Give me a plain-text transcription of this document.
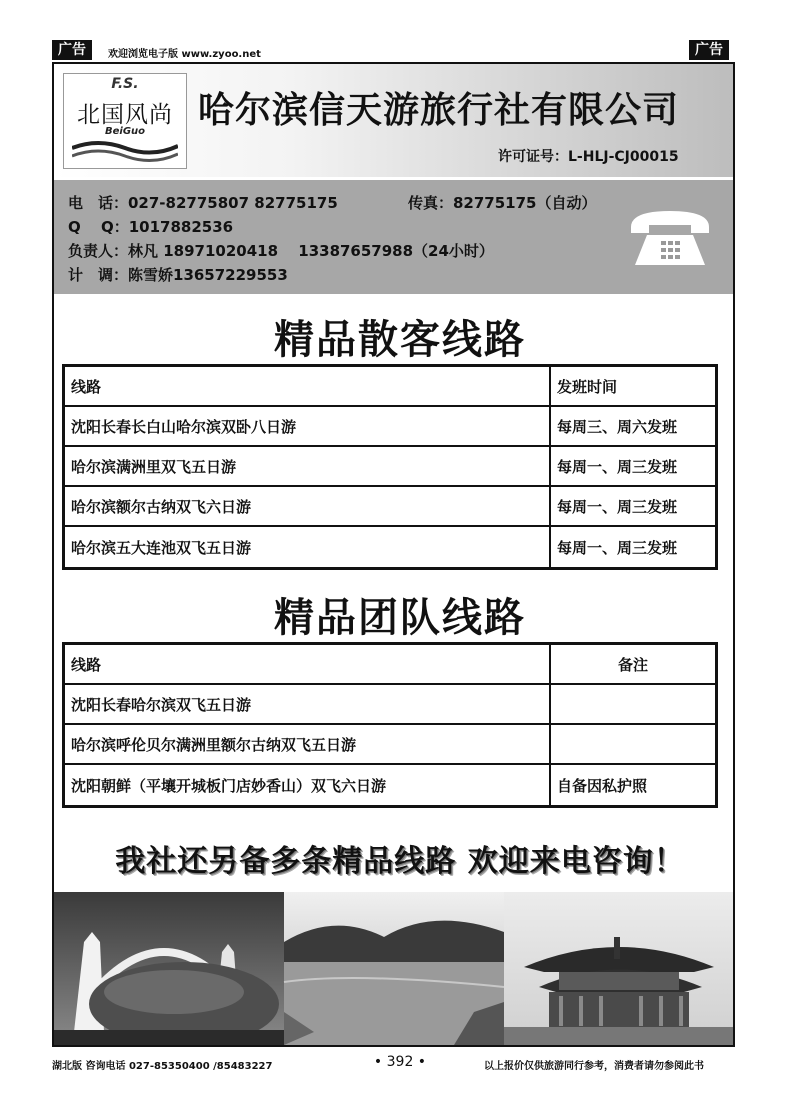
广告	欢迎浏览电子版 www.zyoo.net	广告
F.S.
北国风尚
BeiGuo
哈尔滨信天游旅行社有限公司
许可证号：L-HLJ-CJ00015
电　话：027-82775807 82775175	传真：82775175（自动）
Q　 Q：1017882536
负责人：林凡 18971020418　 13387657988（24小时）
计　调：陈雪娇13657229553
精品散客线路
线路	发班时间
沈阳长春长白山哈尔滨双卧八日游	每周三、周六发班
哈尔滨满洲里双飞五日游	每周一、周三发班
哈尔滨额尔古纳双飞六日游	每周一、周三发班
哈尔滨五大连池双飞五日游	每周一、周三发班
精品团队线路
线路	备注
沈阳长春哈尔滨双飞五日游	
哈尔滨呼伦贝尔满洲里额尔古纳双飞五日游	
沈阳朝鲜（平壤开城板门店妙香山）双飞六日游	自备因私护照
我社还另备多条精品线路 欢迎来电咨询！
湖北版 咨询电话 027-85350400 /85483227	• 392 •	以上报价仅供旅游同行参考，消费者请勿参阅此书
